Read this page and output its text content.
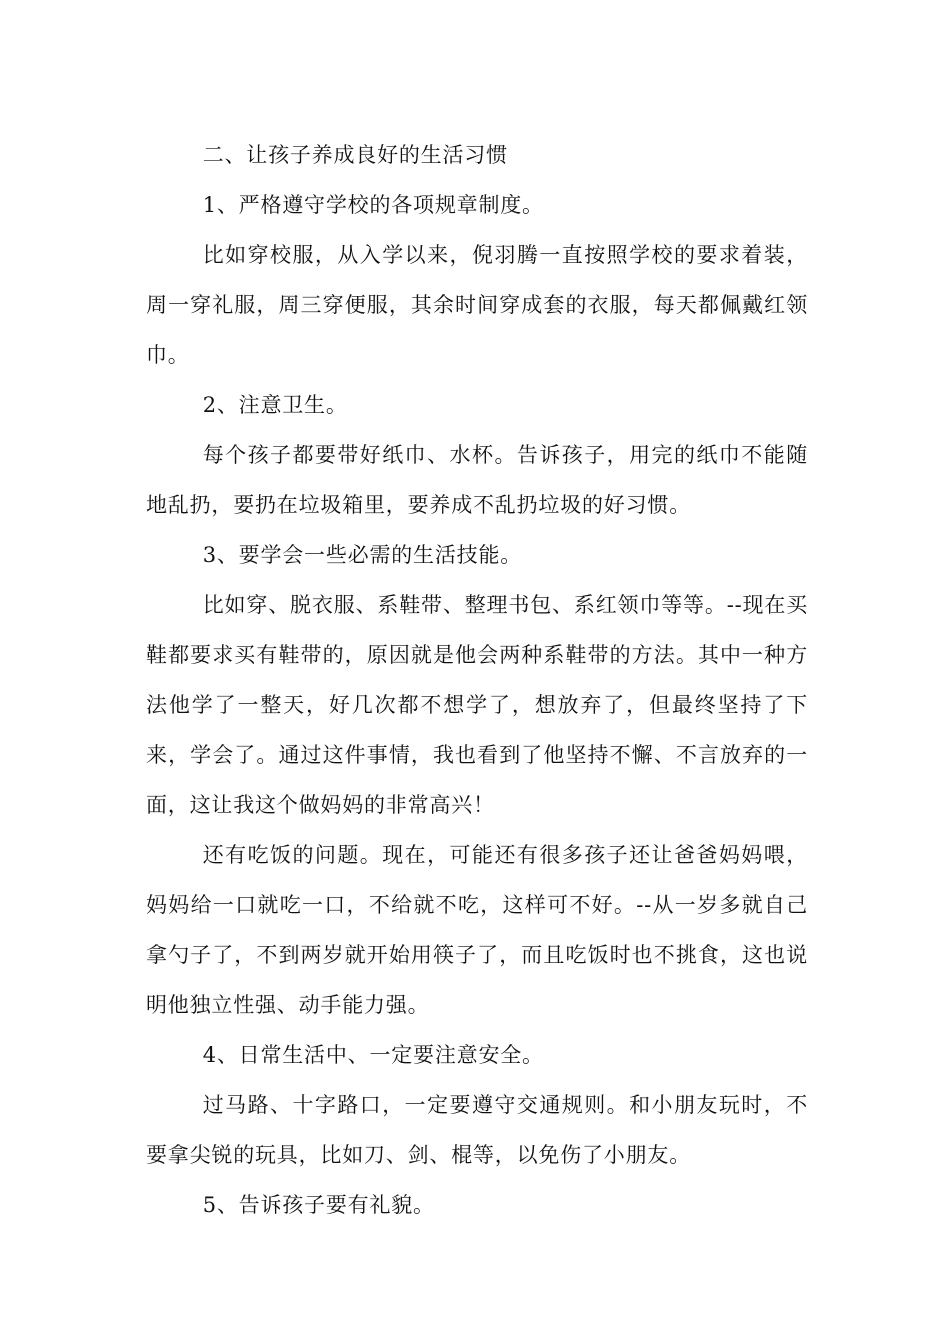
二、让孩子养成良好的生活习惯

1、严格遵守学校的各项规章制度。

比如穿校服，从入学以来，倪羽腾一直按照学校的要求着装，周一穿礼服，周三穿便服，其余时间穿成套的衣服，每天都佩戴红领巾。

2、注意卫生。

每个孩子都要带好纸巾、水杯。告诉孩子，用完的纸巾不能随地乱扔，要扔在垃圾箱里，要养成不乱扔垃圾的好习惯。

3、要学会一些必需的生活技能。

比如穿、脱衣服、系鞋带、整理书包、系红领巾等等。--现在买鞋都要求买有鞋带的，原因就是他会两种系鞋带的方法。其中一种方法他学了一整天，好几次都不想学了，想放弃了，但最终坚持了下来，学会了。通过这件事情，我也看到了他坚持不懈、不言放弃的一面，这让我这个做妈妈的非常高兴！

还有吃饭的问题。现在，可能还有很多孩子还让爸爸妈妈喂，妈妈给一口就吃一口，不给就不吃，这样可不好。--从一岁多就自己拿勺子了，不到两岁就开始用筷子了，而且吃饭时也不挑食，这也说明他独立性强、动手能力强。

4、日常生活中、一定要注意安全。

过马路、十字路口，一定要遵守交通规则。和小朋友玩时，不要拿尖锐的玩具，比如刀、剑、棍等，以免伤了小朋友。

5、告诉孩子要有礼貌。
